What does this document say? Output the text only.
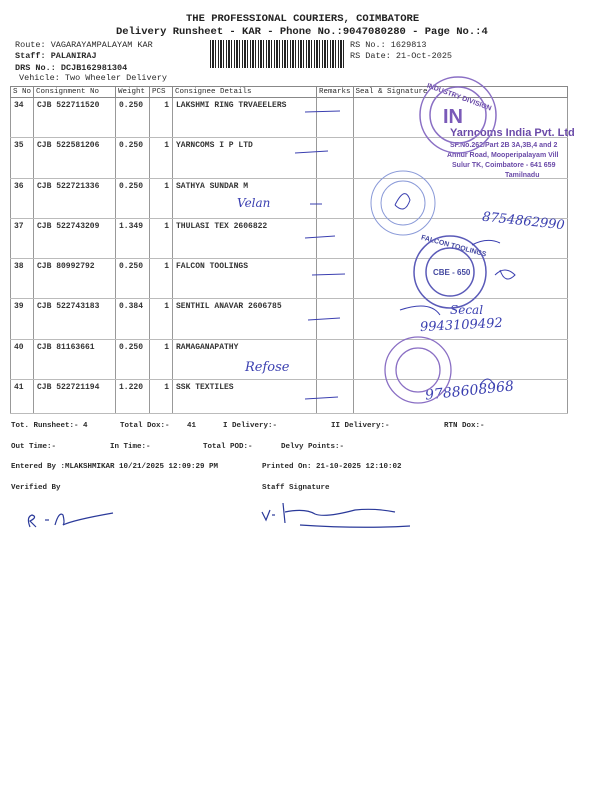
THE PROFESSIONAL COURIERS, COIMBATORE
Delivery Runsheet - KAR - Phone No.:9047080280 - Page No.:4
Route: VAGARAYAMPALAYAM KAR
Staff: PALANIRAJ
DRS No.: DCJB162981304
Vehicle: Two Wheeler Delivery
RS No.: 1629813
RS Date: 21-Oct-2025
S No	Consignment No	Weight	PCS	Consignee Details	Remarks	Seal & Signature
34	CJB 522711520	0.250	1	LAKSHMI RING TRVAEELERS		
35	CJB 522581206	0.250	1	YARNCOMS I P LTD		
36	CJB 522721336	0.250	1	SATHYA SUNDAR M		
37	CJB 522743209	1.349	1	THULASI TEX 2606822		
38	CJB 80992792	0.250	1	FALCON TOOLINGS		
39	CJB 522743183	0.384	1	SENTHIL ANAVAR 2606785		
40	CJB 81163661	0.250	1	RAMAGANAPATHY		
41	CJB 522721194	1.220	1	SSK TEXTILES		
Velan
Refose
8754862990
Secal
9943109492
9788608968
Yarncoms India Pvt. Ltd
SF.No.262/Part 2B 3A,3B,4 and 2
Annur Road, Mooperipalayam Vill
Sulur TK, Coimbatore - 641 659
Tamilnadu
INDUSTRY DIVISION
FALCON TOOLINGS
CBE - 650
IN
Tot. Runsheet:- 4	Total Dox:- 41	I Delivery:-	II Delivery:-	RTN Dox:-
Out Time:-	In Time:-	Total POD:-	Delvy Points:-
Entered By :MLAKSHMIKAR 10/21/2025 12:09:29 PM	Printed On: 21-10-2025 12:10:02
Verified By	Staff Signature
